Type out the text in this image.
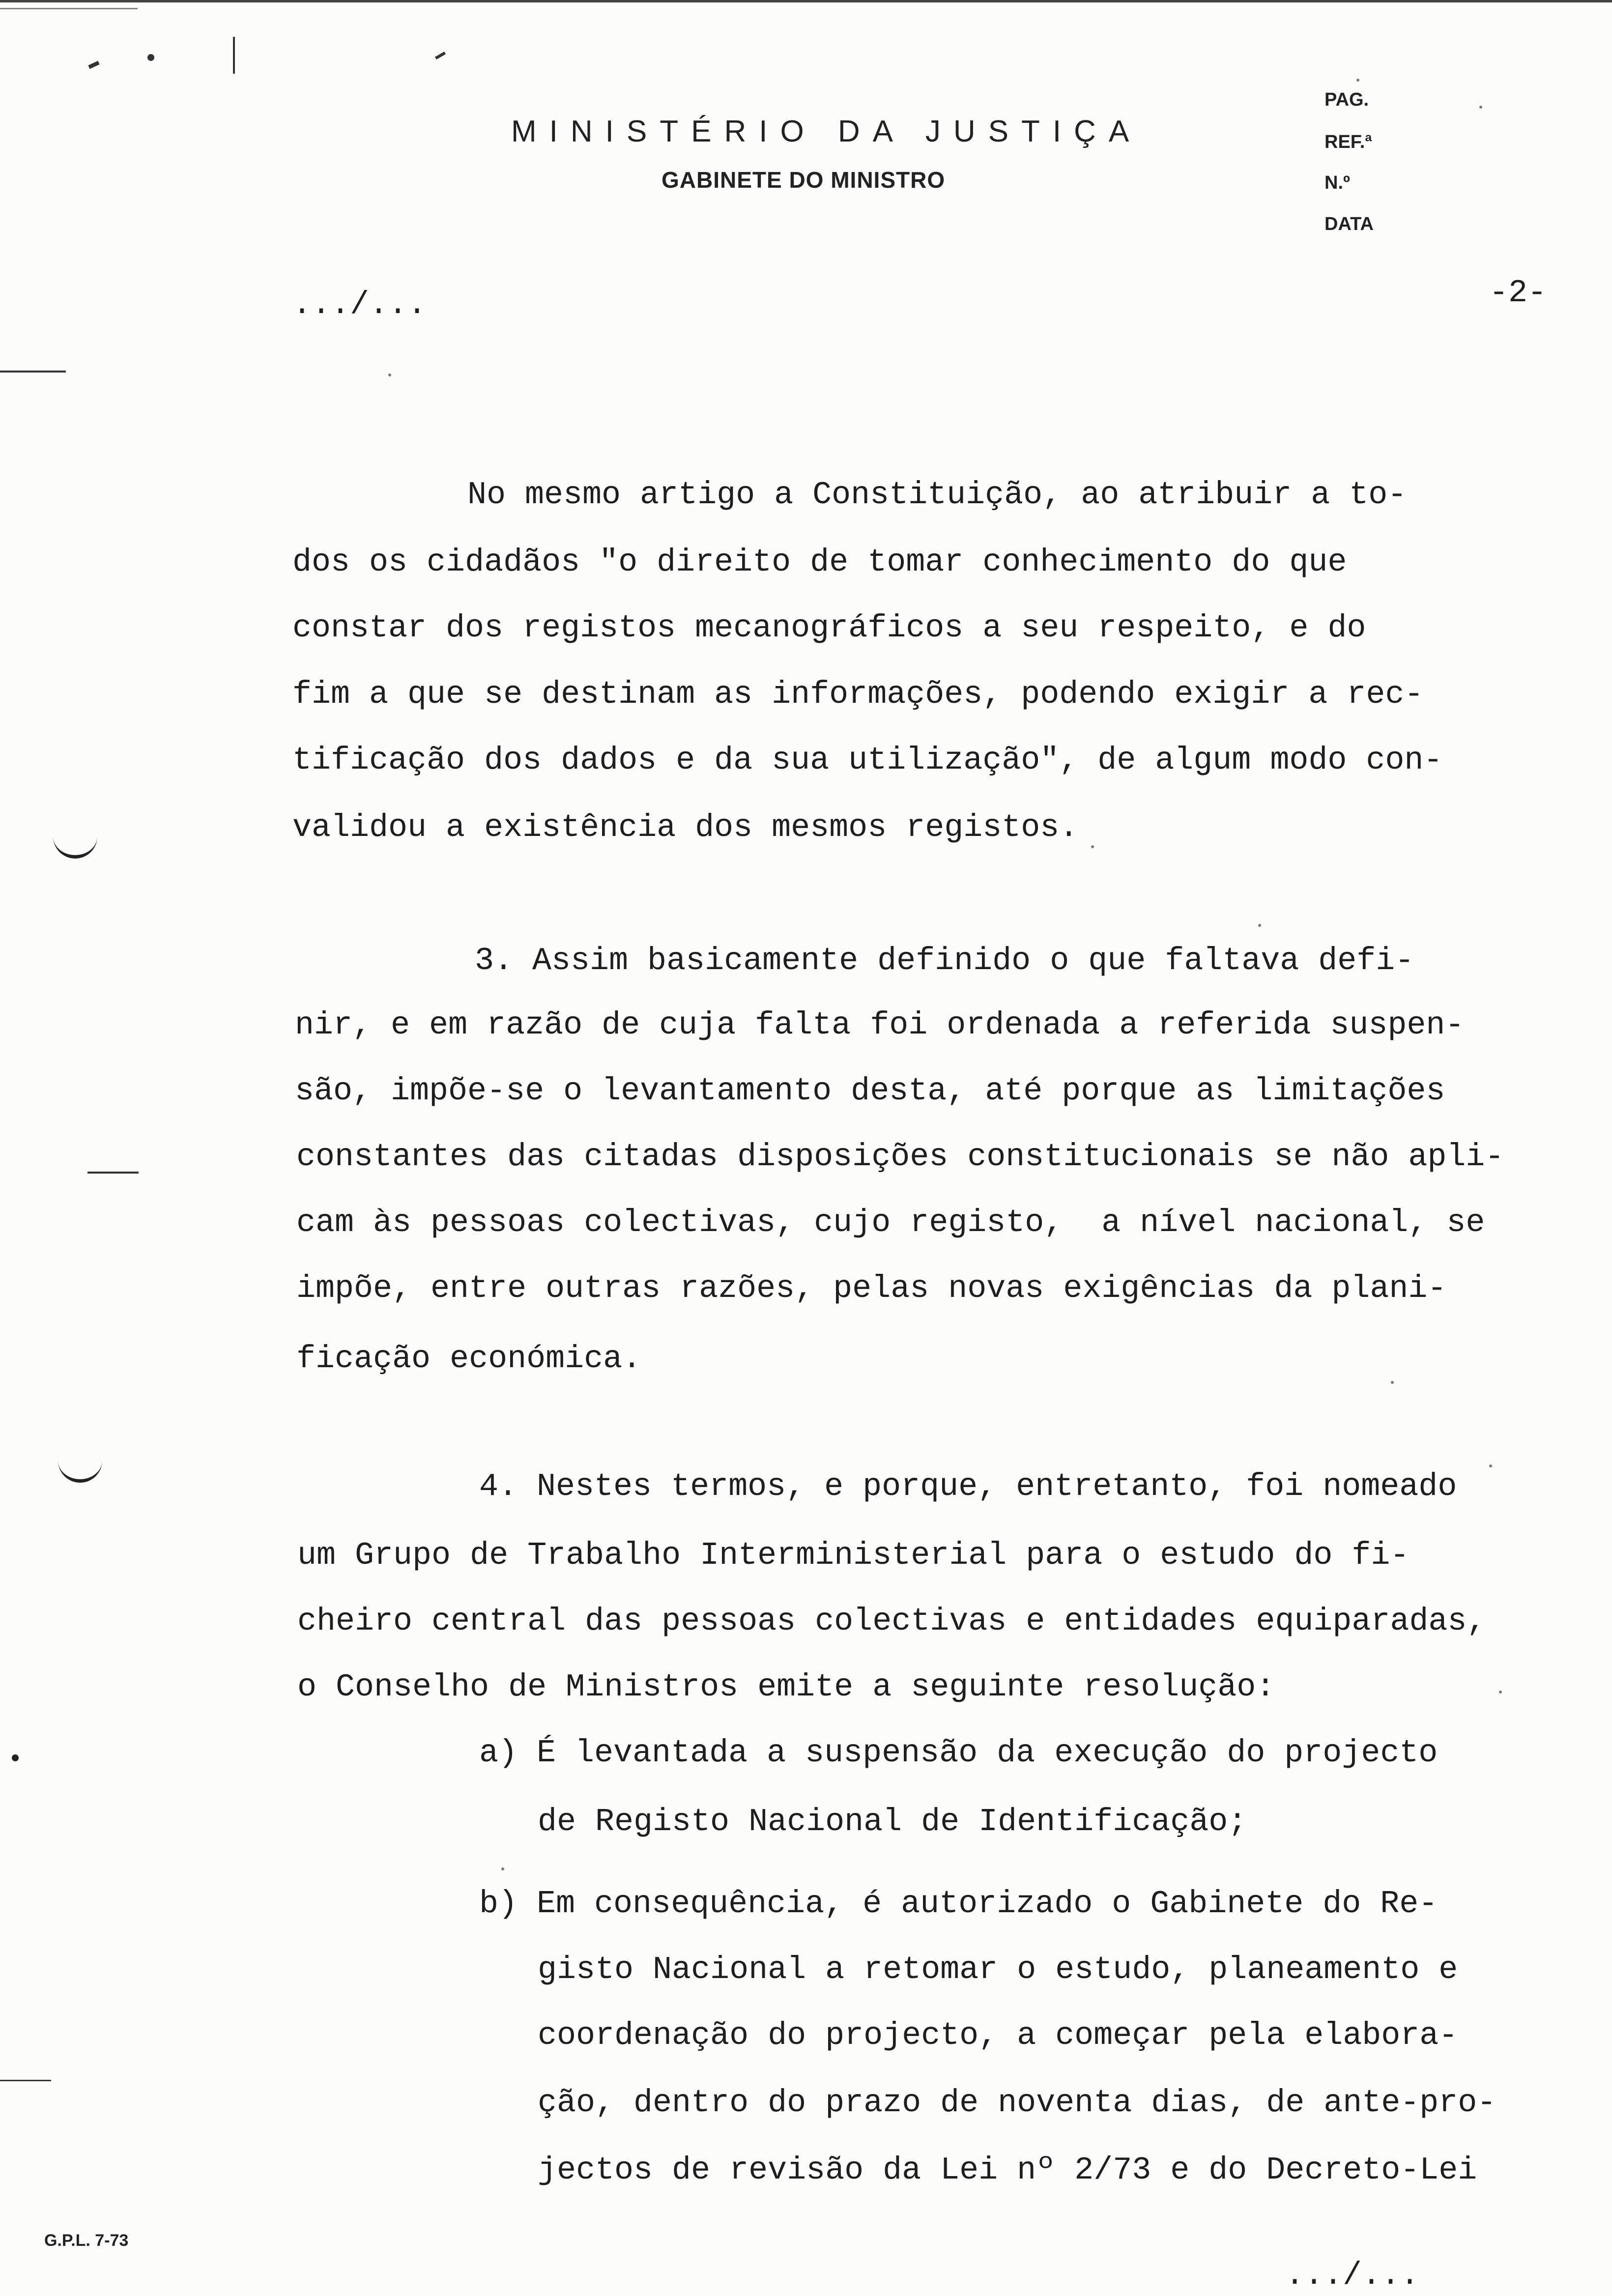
MINISTÉRIO DA JUSTIÇA
GABINETE DO MINISTRO
PAG.
REF.ª
N.º
DATA
.../...	-2-
No mesmo artigo a Constituição, ao atribuir a to-
dos os cidadãos "o direito de tomar conhecimento do que
constar dos registos mecanográficos a seu respeito, e do
fim a que se destinam as informações, podendo exigir a rec-
tificação dos dados e da sua utilização", de algum modo con-
validou a existência dos mesmos registos.
3. Assim basicamente definido o que faltava defi-
nir, e em razão de cuja falta foi ordenada a referida suspen-
são, impõe-se o levantamento desta, até porque as limitações
constantes das citadas disposições constitucionais se não apli-
cam às pessoas colectivas, cujo registo,  a nível nacional, se
impõe, entre outras razões, pelas novas exigências da plani-
ficação económica.
4. Nestes termos, e porque, entretanto, foi nomeado
um Grupo de Trabalho Interministerial para o estudo do fi-
cheiro central das pessoas colectivas e entidades equiparadas,
o Conselho de Ministros emite a seguinte resolução:
a) É levantada a suspensão da execução do projecto
de Registo Nacional de Identificação;
b) Em consequência, é autorizado o Gabinete do Re-
gisto Nacional a retomar o estudo, planeamento e
coordenação do projecto, a começar pela elabora-
ção, dentro do prazo de noventa dias, de ante-pro-
jectos de revisão da Lei nº 2/73 e do Decreto-Lei
G.P.L. 7-73
.../...
